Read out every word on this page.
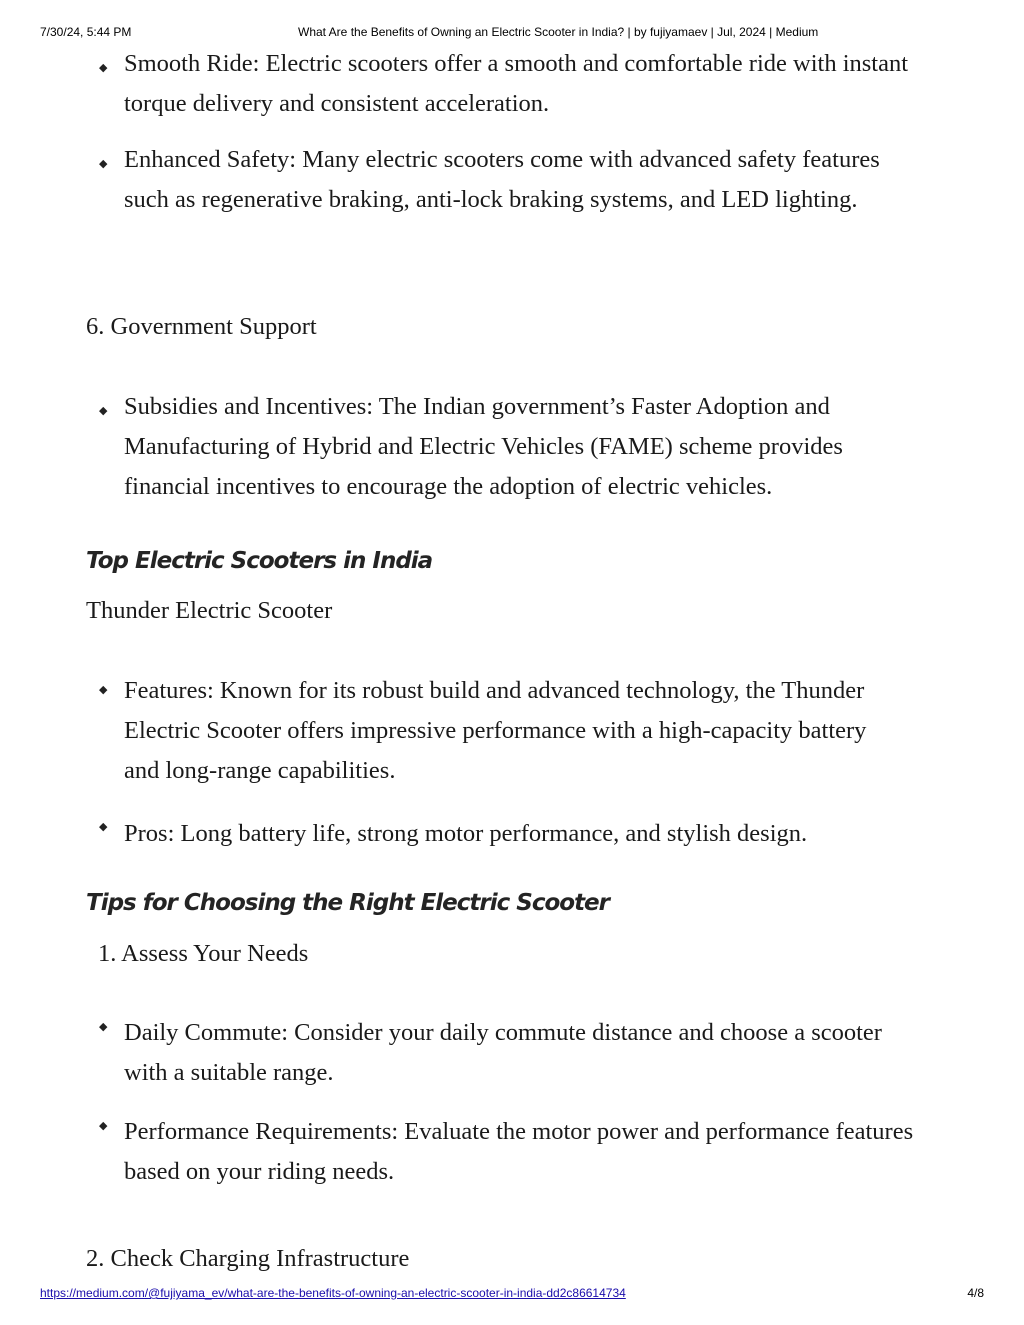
7/30/24, 5:44 PM	What Are the Benefits of Owning an Electric Scooter in India? | by fujiyamaev | Jul, 2024 | Medium
◆ Smooth Ride: Electric scooters offer a smooth and comfortable ride with instant torque delivery and consistent acceleration.
◆ Enhanced Safety: Many electric scooters come with advanced safety features such as regenerative braking, anti-lock braking systems, and LED lighting.
6. Government Support
◆ Subsidies and Incentives: The Indian government’s Faster Adoption and Manufacturing of Hybrid and Electric Vehicles (FAME) scheme provides financial incentives to encourage the adoption of electric vehicles.
Top Electric Scooters in India
Thunder Electric Scooter
◆ Features: Known for its robust build and advanced technology, the Thunder Electric Scooter offers impressive performance with a high-capacity battery and long-range capabilities.
◆ Pros: Long battery life, strong motor performance, and stylish design.
Tips for Choosing the Right Electric Scooter
1. Assess Your Needs
◆ Daily Commute: Consider your daily commute distance and choose a scooter with a suitable range.
◆ Performance Requirements: Evaluate the motor power and performance features based on your riding needs.
2. Check Charging Infrastructure
https://medium.com/@fujiyama_ev/what-are-the-benefits-of-owning-an-electric-scooter-in-india-dd2c86614734	4/8
